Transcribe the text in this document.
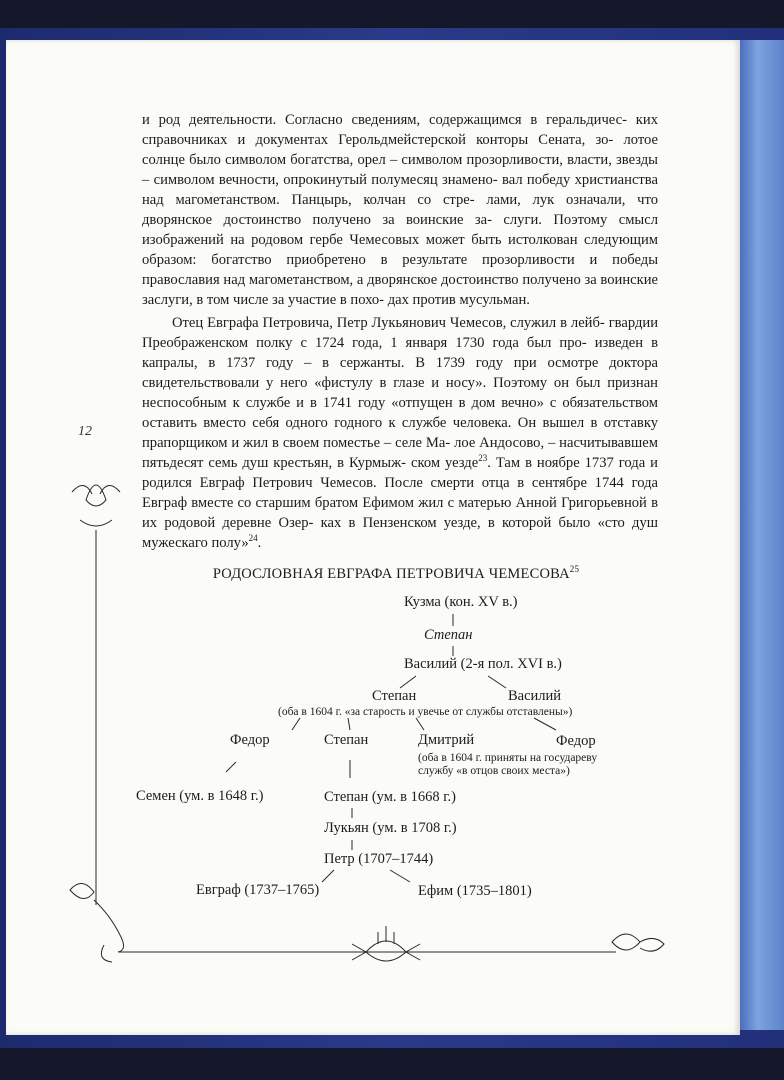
12

и род деятельности. Согласно сведениям, содержащимся в геральдичес- ких справочниках и документах Герольдмейстерской конторы Сената, зо- лотое солнце было символом богатства, орел – символом прозорливости, власти, звезды – символом вечности, опрокинутый полумесяц знамено- вал победу христианства над магометанством. Панцырь, колчан со стре- лами, лук означали, что дворянское достоинство получено за воинские за- слуги. Поэтому смысл изображений на родовом гербе Чемесовых может быть истолкован следующим образом: богатство приобретено в результате прозорливости и победы православия над магометанством, а дворянское достоинство получено за воинские заслуги, в том числе за участие в похо- дах против мусульман.

Отец Евграфа Петровича, Петр Лукьянович Чемесов, служил в лейб- гвардии Преображенском полку с 1724 года, 1 января 1730 года был про- изведен в капралы, в 1737 году – в сержанты. В 1739 году при осмотре доктора свидетельствовали у него «фистулу в глазе и носу». Поэтому он был признан неспособным к службе и в 1741 году «отпущен в дом вечно» с обязательством оставить вместо себя одного годного к службе человека. Он вышел в отставку прапорщиком и жил в своем поместье – селе Ма- лое Андосово, – насчитывавшем пятьдесят семь душ крестьян, в Курмыж- ском уезде$^{23}$. Там в ноябре 1737 года и родился Евграф Петрович Чемесов. После смерти отца в сентябре 1744 года Евграф вместе со старшим братом Ефимом жил с матерью Анной Григорьевной в их родовой деревне Озер- ках в Пензенском уезде, в которой было «сто душ мужескаго полу»$^{24}$.

РОДОСЛОВНАЯ ЕВГРАФА ПЕТРОВИЧА ЧЕМЕСОВА$^{25}$
Кузма (кон. XV в.)
Степан
Василий (2-я пол. XVI в.)
Степан	Василий
(оба в 1604 г. «за старость и увечье от службы отставлены»)
Федор	Степан	Дмитрий	Федор
(оба в 1604 г. приняты на государеву
службу «в отцов своих места»)
Семен (ум. в 1648 г.)	Степан (ум. в 1668 г.)
Лукьян (ум. в 1708 г.)
Петр (1707–1744)
Евграф (1737–1765)	Ефим (1735–1801)
